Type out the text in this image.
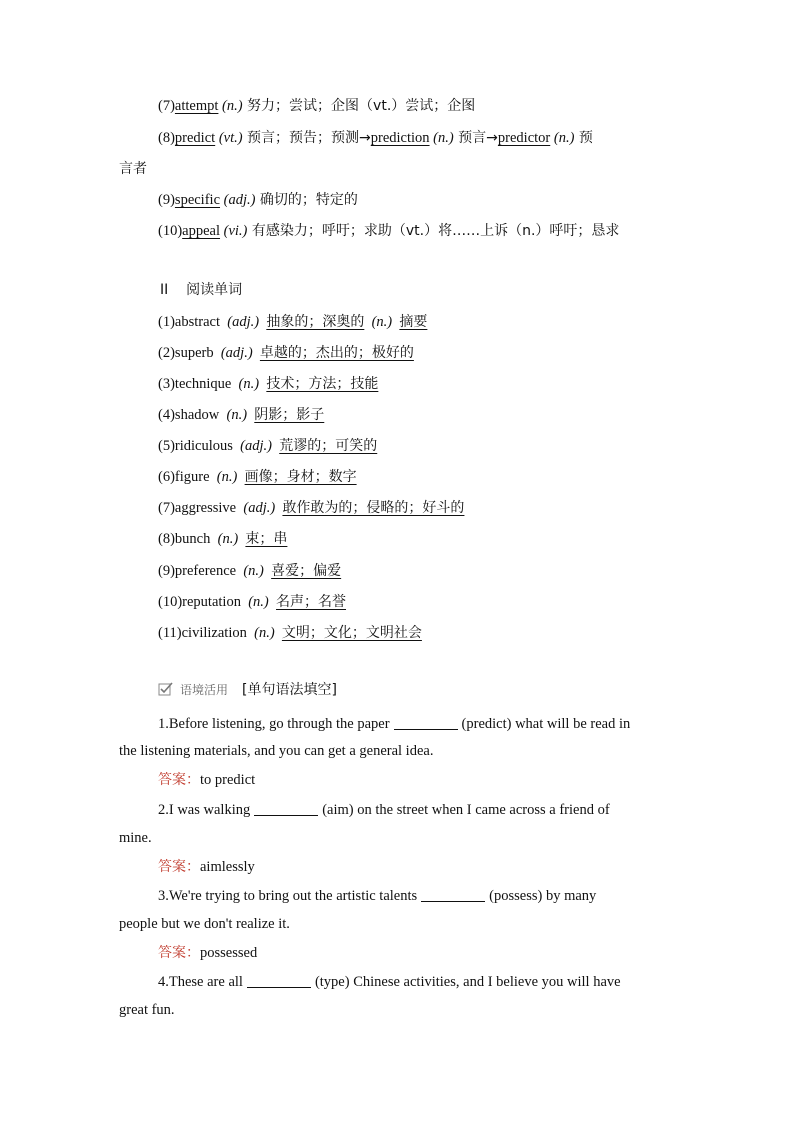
(7)attempt (n.) 努力；尝试；企图（vt.）尝试；企图
(8)predict (vt.) 预言；预告；预测→prediction (n.) 预言→predictor (n.) 预
言者
(9)specific (adj.) 确切的；特定的
(10)appeal (vi.) 有感染力；呼吁；求助（vt.）将……上诉（n.）呼吁；恳求
II 阅读单词
(1)abstract (adj.) 抽象的；深奥的 (n.) 摘要
(2)superb (adj.) 卓越的；杰出的；极好的
(3)technique (n.) 技术；方法；技能
(4)shadow (n.) 阴影；影子
(5)ridiculous (adj.) 荒谬的；可笑的
(6)figure (n.) 画像；身材；数字
(7)aggressive (adj.) 敢作敢为的；侵略的；好斗的
(8)bunch (n.) 束；串
(9)preference (n.) 喜爱；偏爱
(10)reputation (n.) 名声；名誉
(11)civilization (n.) 文明；文化；文明社会
语境活用 [单句语法填空]
1.Before listening, go through the paper	(predict) what will be read in
the listening materials, and you can get a general idea.
答案：to predict
2.I was walking	(aim) on the street when I came across a friend of
mine.
答案：aimlessly
3.We're trying to bring out the artistic talents	(possess) by many
people but we don't realize it.
答案：possessed
4.These are all	(type) Chinese activities, and I believe you will have
great fun.
